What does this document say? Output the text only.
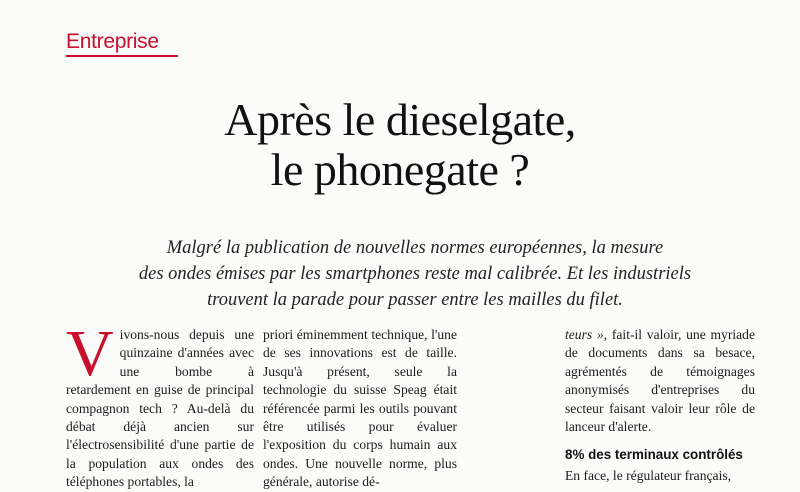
Entreprise
Après le dieselgate,
le phonegate ?
Malgré la publication de nouvelles normes européennes, la mesure
des ondes émises par les smartphones reste mal calibrée. Et les industriels
trouvent la parade pour passer entre les mailles du filet.
V ivons-nous depuis une quinzaine d'années avec une bombe à retardement en guise de principal compagnon tech ? Au-delà du débat déjà ancien sur l'électrosensibilité d'une partie de la population aux ondes des téléphones portables, la

priori éminemment technique, l'une de ses innovations est de taille. Jusqu'à présent, seule la technologie du suisse Speag était référencée parmi les outils pouvant être utilisés pour évaluer l'exposition du corps humain aux ondes. Une nouvelle norme, plus générale, autorise dé-

teurs », fait-il valoir, une myriade de documents dans sa besace, agrémentés de témoignages anonymisés d'entreprises du secteur faisant valoir leur rôle de lanceur d'alerte.

8% des terminaux contrôlés

En face, le régulateur français,
